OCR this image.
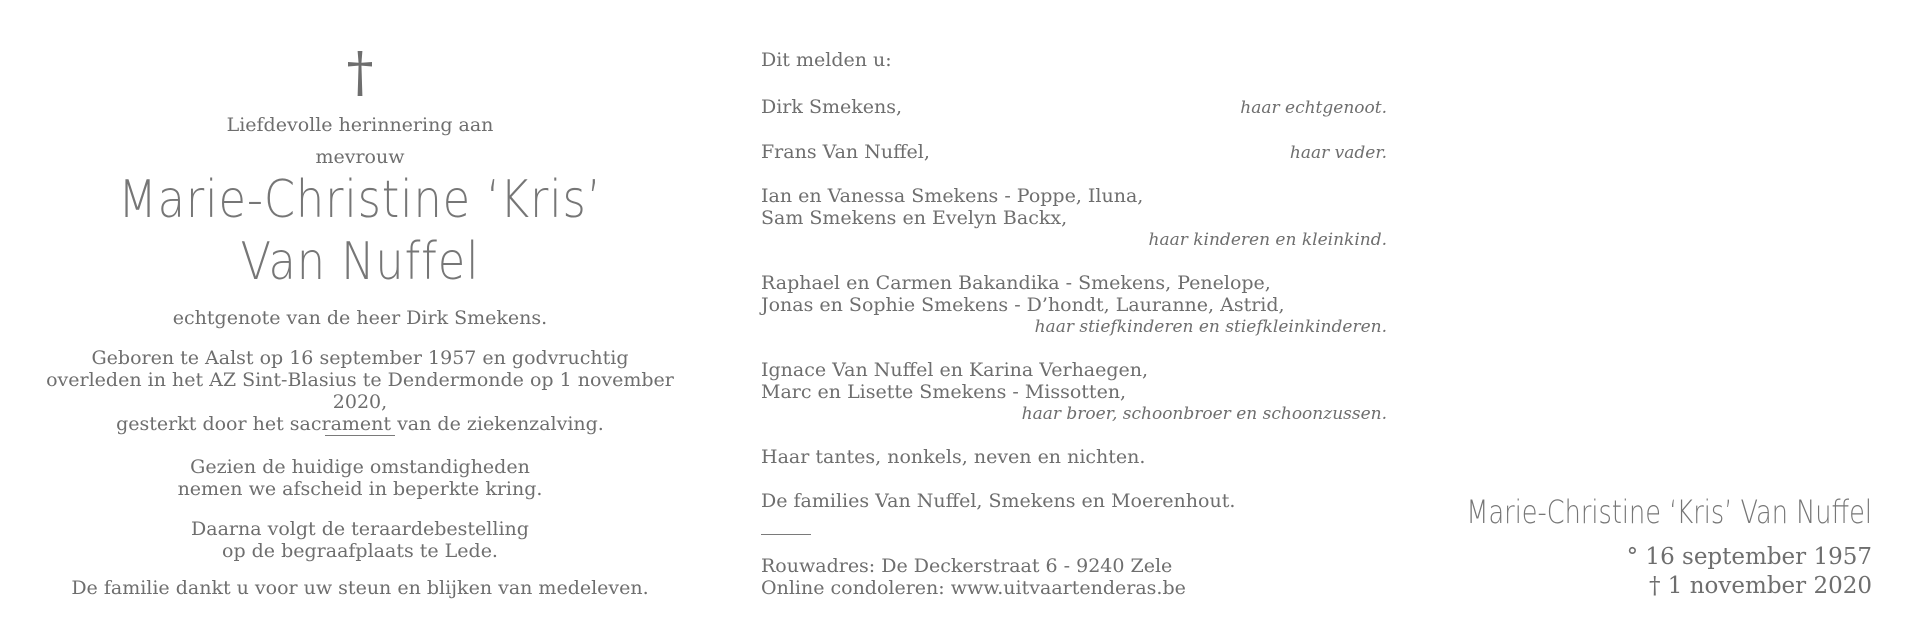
†
Liefdevolle herinnering aan
mevrouw
Marie-Christine ‘Kris’
Van Nuffel
echtgenote van de heer Dirk Smekens.
Geboren te Aalst op 16 september 1957 en godvruchtig
overleden in het AZ Sint-Blasius te Dendermonde op 1 november 2020,
gesterkt door het sacrament van de ziekenzalving.
Gezien de huidige omstandigheden
nemen we afscheid in beperkte kring.
Daarna volgt de teraardebestelling
op de begraafplaats te Lede.
De familie dankt u voor uw steun en blijken van medeleven.
Dit melden u:
Dirk Smekens,	haar echtgenoot.
Frans Van Nuffel,	haar vader.
Ian en Vanessa Smekens - Poppe, Iluna,
Sam Smekens en Evelyn Backx,
haar kinderen en kleinkind.
Raphael en Carmen Bakandika - Smekens, Penelope,
Jonas en Sophie Smekens - D’hondt, Lauranne, Astrid,
haar stiefkinderen en stiefkleinkinderen.
Ignace Van Nuffel en Karina Verhaegen,
Marc en Lisette Smekens - Missotten,
haar broer, schoonbroer en schoonzussen.
Haar tantes, nonkels, neven en nichten.
De families Van Nuffel, Smekens en Moerenhout.
Rouwadres: De Deckerstraat 6 - 9240 Zele
Online condoleren: www.uitvaartenderas.be
Marie-Christine ‘Kris’ Van Nuffel
° 16 september 1957
† 1 november 2020
